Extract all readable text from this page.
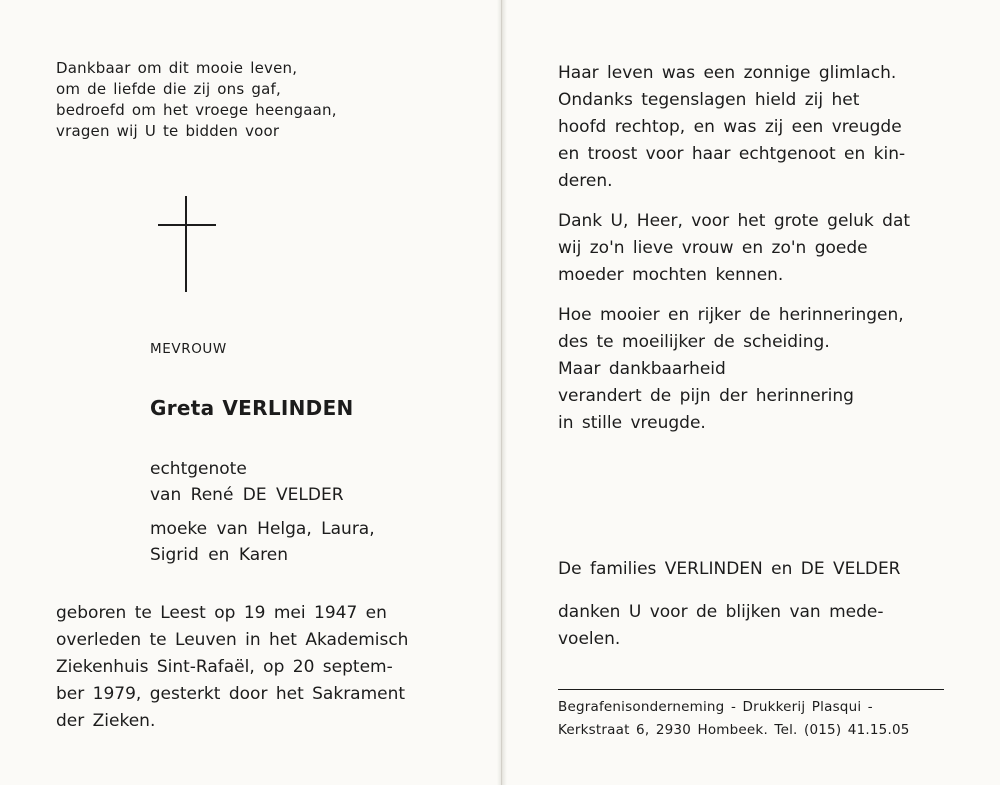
Dankbaar om dit mooie leven,
om de liefde die zij ons gaf,
bedroefd om het vroege heengaan,
vragen wij U te bidden voor
MEVROUW
Greta VERLINDEN
echtgenote
van René DE VELDER
moeke van Helga, Laura,
Sigrid en Karen
geboren te Leest op 19 mei 1947 en
overleden te Leuven in het Akademisch
Ziekenhuis Sint-Rafaël, op 20 septem-
ber 1979, gesterkt door het Sakrament
der Zieken.
Haar leven was een zonnige glimlach.
Ondanks tegenslagen hield zij het
hoofd rechtop, en was zij een vreugde
en troost voor haar echtgenoot en kin-
deren.
Dank U, Heer, voor het grote geluk dat
wij zo'n lieve vrouw en zo'n goede
moeder mochten kennen.
Hoe mooier en rijker de herinneringen,
des te moeilijker de scheiding.
Maar dankbaarheid
verandert de pijn der herinnering
in stille vreugde.
De families VERLINDEN en DE VELDER
danken U voor de blijken van mede-
voelen.
Begrafenisonderneming - Drukkerij Plasqui -
Kerkstraat 6, 2930 Hombeek. Tel. (015) 41.15.05
